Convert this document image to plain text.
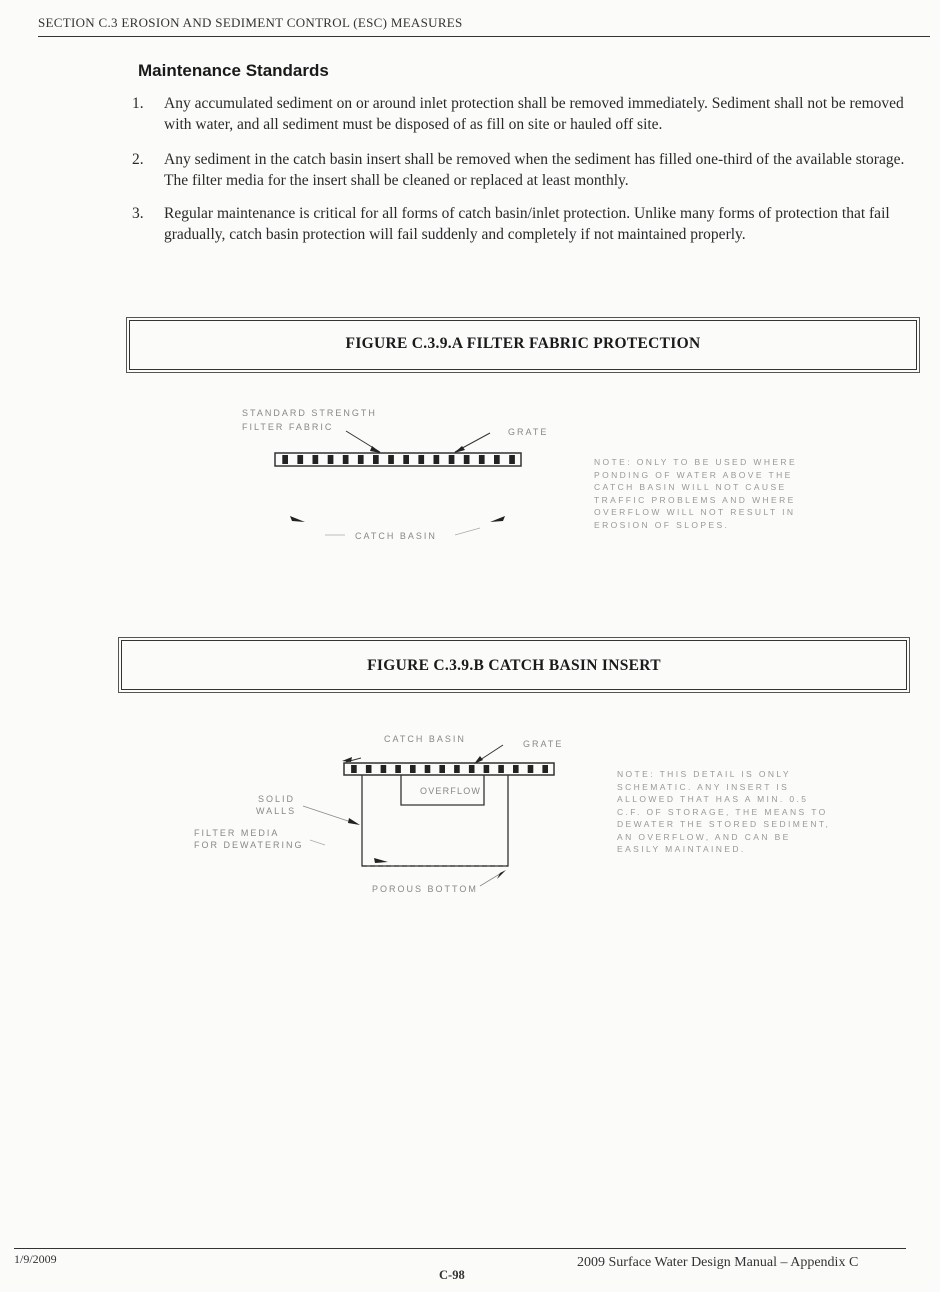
SECTION C.3 EROSION AND SEDIMENT CONTROL (ESC) MEASURES
Maintenance Standards
1.	Any accumulated sediment on or around inlet protection shall be removed immediately. Sediment shall not be removed with water, and all sediment must be disposed of as fill on site or hauled off site.
2.	Any sediment in the catch basin insert shall be removed when the sediment has filled one-third of the available storage. The filter media for the insert shall be cleaned or replaced at least monthly.
3.	Regular maintenance is critical for all forms of catch basin/inlet protection. Unlike many forms of protection that fail gradually, catch basin protection will fail suddenly and completely if not maintained properly.
FIGURE C.3.9.A FILTER FABRIC PROTECTION
STANDARD STRENGTH
FILTER FABRIC	GRATE
CATCH BASIN
NOTE: ONLY TO BE USED WHERE PONDING OF WATER ABOVE THE CATCH BASIN WILL NOT CAUSE TRAFFIC PROBLEMS AND WHERE OVERFLOW WILL NOT RESULT IN EROSION OF SLOPES.
FIGURE C.3.9.B CATCH BASIN INSERT
CATCH BASIN	GRATE
OVERFLOW
SOLID
WALLS
FILTER MEDIA
FOR DEWATERING
POROUS BOTTOM
NOTE: THIS DETAIL IS ONLY SCHEMATIC. ANY INSERT IS ALLOWED THAT HAS A MIN. 0.5 C.F. OF STORAGE, THE MEANS TO DEWATER THE STORED SEDIMENT, AN OVERFLOW, AND CAN BE EASILY MAINTAINED.
1/9/2009	2009 Surface Water Design Manual – Appendix C
C-98
